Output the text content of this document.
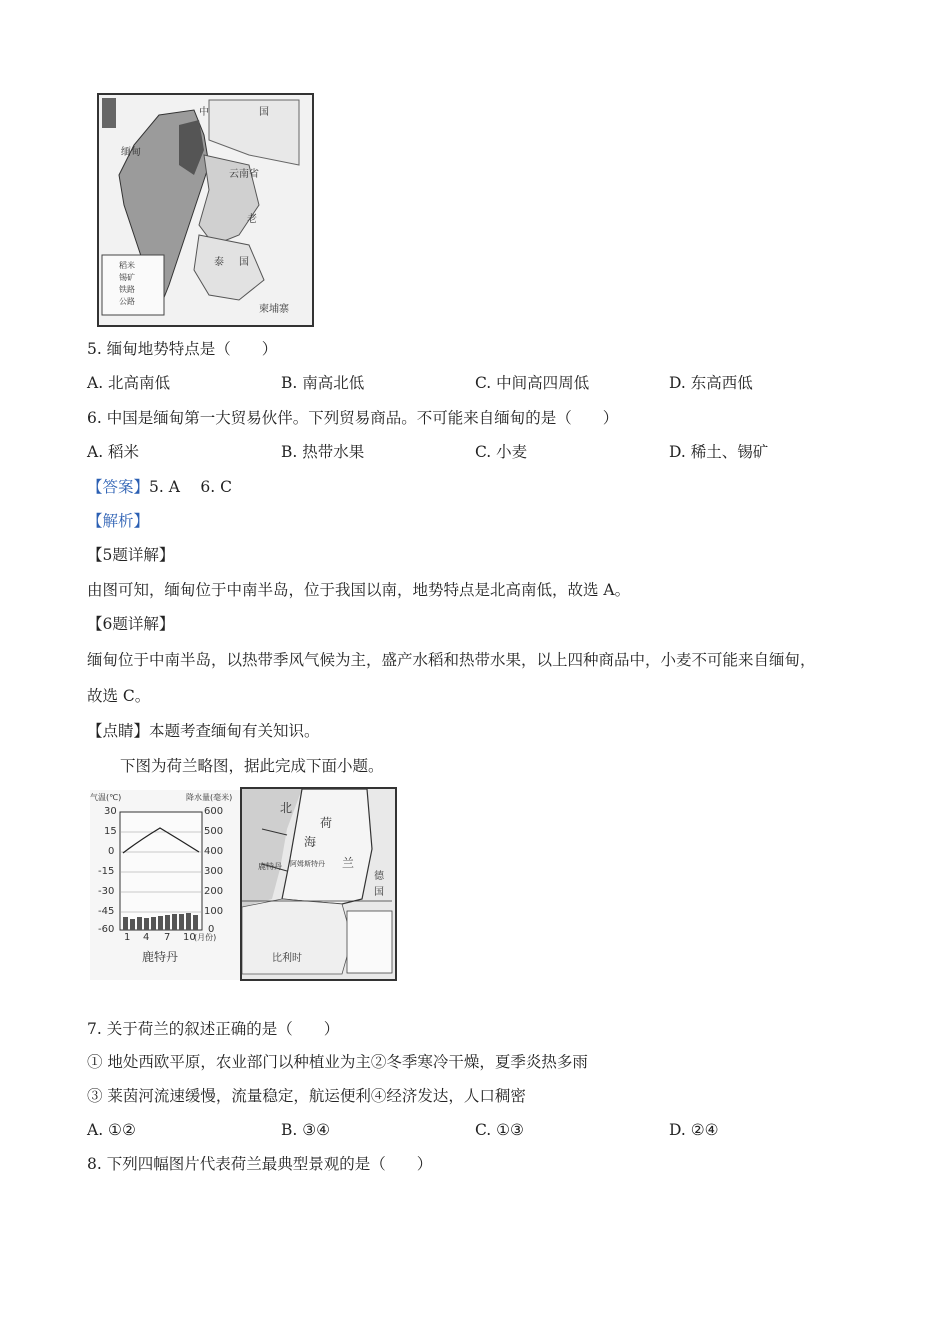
中	国
云南省
老
泰 国
柬埔寨
缅甸
稻米
锡矿
铁路
公路
5. 缅甸地势特点是（　　）
A. 北高南低	B. 南高北低	C. 中间高四周低	D. 东高西低
6. 中国是缅甸第一大贸易伙伴。下列贸易商品。不可能来自缅甸的是（　　）
A. 稻米	B. 热带水果	C. 小麦	D. 稀土、锡矿
【答案】5. A　 6. C
【解析】
【5题详解】
由图可知，缅甸位于中南半岛，位于我国以南，地势特点是北高南低，故选 A。
【6题详解】
缅甸位于中南半岛，以热带季风气候为主，盛产水稻和热带水果，以上四种商品中，小麦不可能来自缅甸，
故选 C。
【点睛】本题考查缅甸有关知识。
下图为荷兰略图，据此完成下面小题。
30
15
0
-15
-30
-45
-60
600
500
400
300
200
100
0
1 4 7 10
(月份)
气温(℃)	降水量(毫米)
鹿特丹
北
海
荷
兰
德
国
比利时
鹿特丹 阿姆斯特丹
7. 关于荷兰的叙述正确的是（　　）
① 地处西欧平原，农业部门以种植业为主②冬季寒冷干燥，夏季炎热多雨
③ 莱茵河流速缓慢，流量稳定，航运便利④经济发达，人口稠密
A. ①②	B. ③④	C. ①③	D. ②④
8. 下列四幅图片代表荷兰最典型景观的是（　　）
